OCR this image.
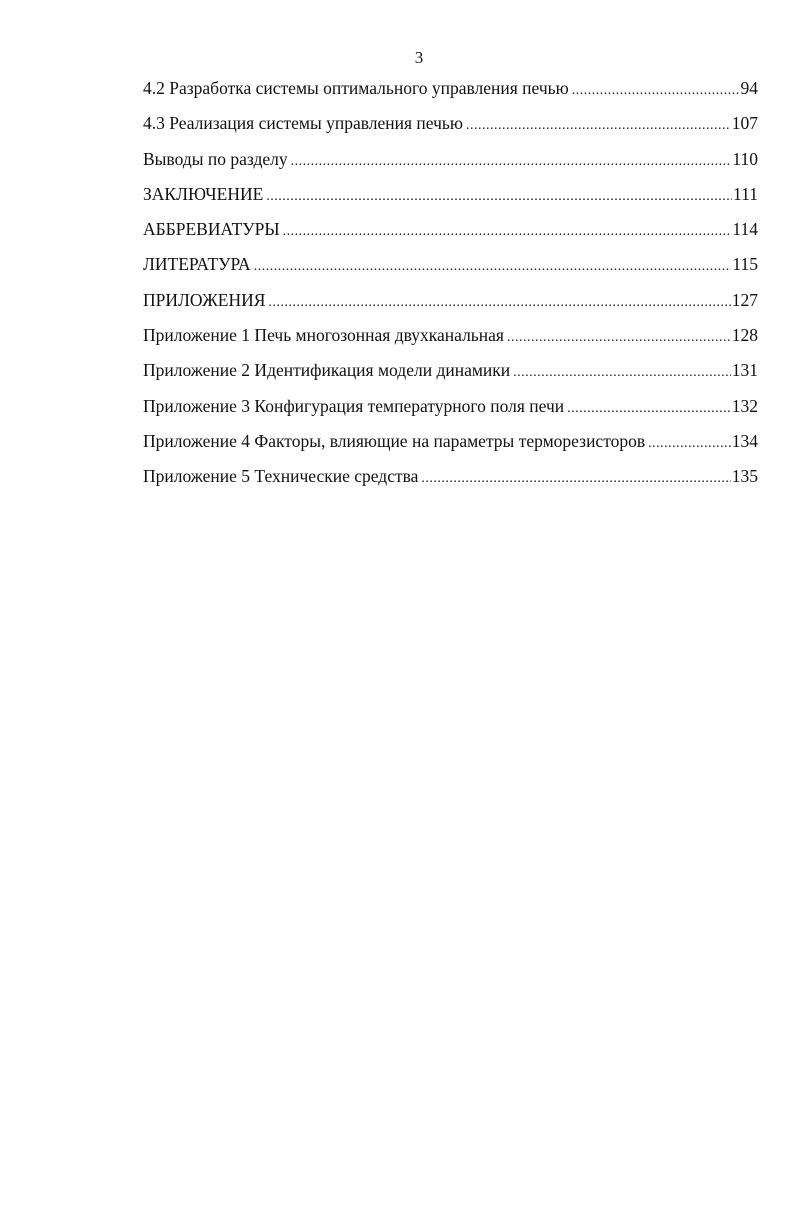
3
4.2 Разработка системы оптимального управления печью .....	94
4.3 Реализация системы управления печью .....	107
Выводы по разделу .....	110
ЗАКЛЮЧЕНИЕ .....	111
АББРЕВИАТУРЫ .....	114
ЛИТЕРАТУРА .....	115
ПРИЛОЖЕНИЯ .....	127
Приложение 1 Печь многозонная двухканальная .....	128
Приложение 2 Идентификация модели динамики .....	131
Приложение 3 Конфигурация температурного поля печи .....	132
Приложение 4 Факторы, влияющие на параметры терморезисторов .....	134
Приложение 5 Технические средства .....	135
